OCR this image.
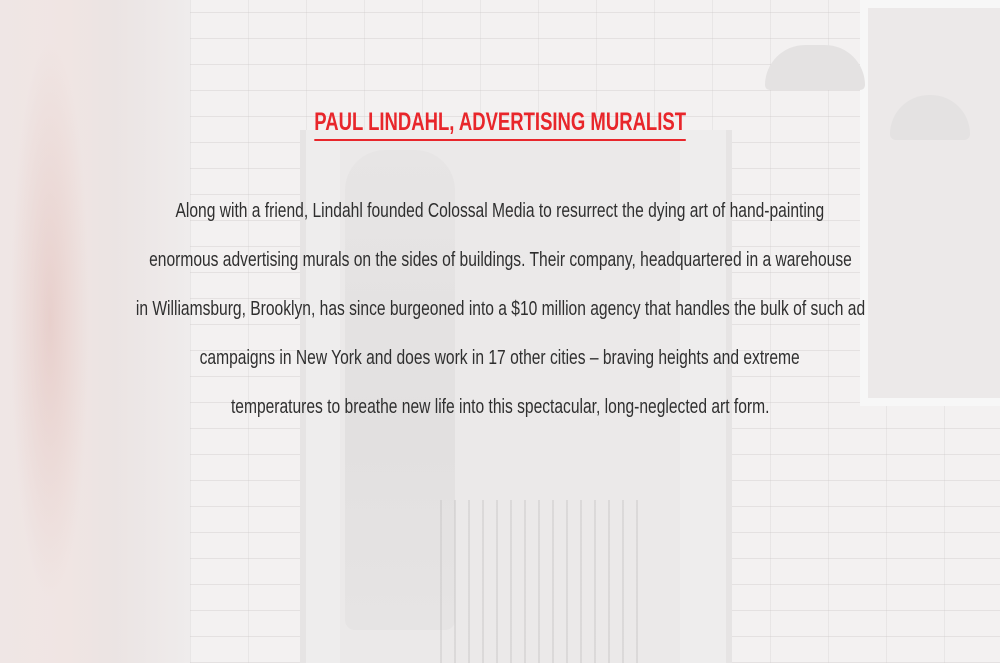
PAUL LINDAHL, ADVERTISING MURALIST
Along with a friend, Lindahl founded Colossal Media to resurrect the dying art of hand-painting
enormous advertising murals on the sides of buildings. Their company, headquartered in a warehouse
in Williamsburg, Brooklyn, has since burgeoned into a $10 million agency that handles the bulk of such ad
campaigns in New York and does work in 17 other cities – braving heights and extreme
temperatures to breathe new life into this spectacular, long-neglected art form.
